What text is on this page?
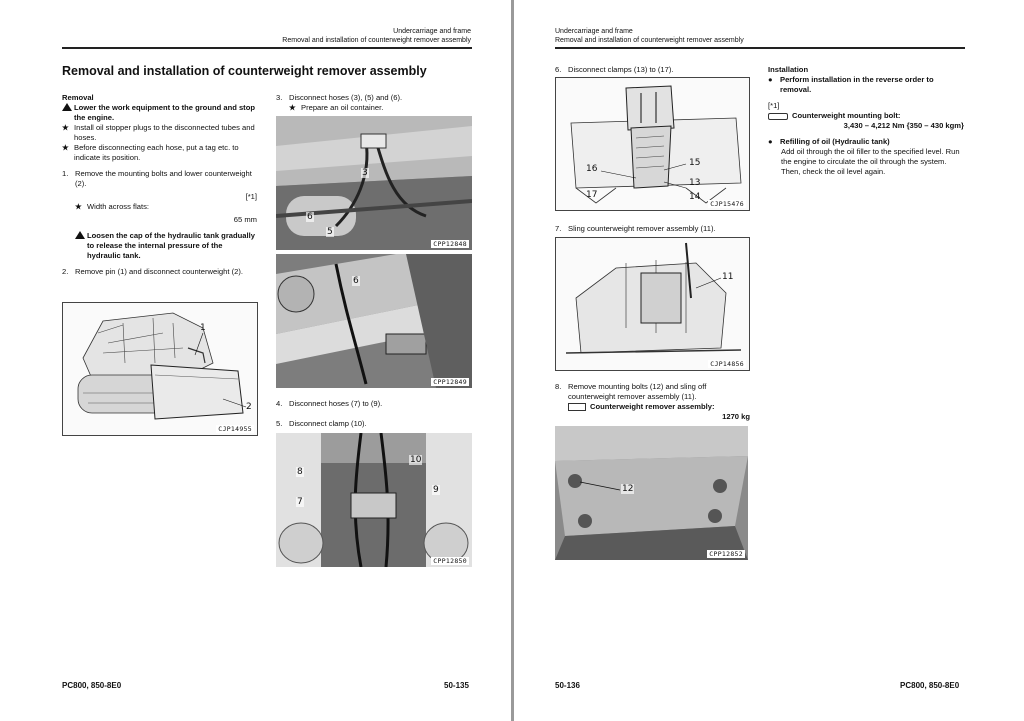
Undercarriage and frame
Removal and installation of counterweight remover assembly
Removal and installation of counterweight remover assembly
Removal
Lower the work equipment to the ground and stop the engine.
★ Install oil stopper plugs to the disconnected tubes and hoses.
★ Before disconnecting each hose, put a tag etc. to indicate its position.
1. Remove the mounting bolts and lower counterweight (2).
[*1]
★ Width across flats:
65 mm
Loosen the cap of the hydraulic tank gradually to release the internal pressure of the hydraulic tank.
2. Remove pin (1) and disconnect counterweight (2).
1
2
CJP14955
3. Disconnect hoses (3), (5) and (6).
★ Prepare an oil container.
3
6
5
CPP12848
6
CPP12849
4. Disconnect hoses (7) to (9).
5. Disconnect clamp (10).
8
7
10
9
CPP12850
PC800, 850-8E0	50-135
Undercarriage and frame
Removal and installation of counterweight remover assembly
6. Disconnect clamps (13) to (17).
16
17
15
13
14
CJP15476
7. Sling counterweight remover assembly (11).
11
CJP14856
8. Remove mounting bolts (12) and sling off counterweight remover assembly (11).
Counterweight remover assembly:
1270 kg
12
CPP12852
Installation
● Perform installation in the reverse order to removal.
[*1]
Counterweight mounting bolt:
3,430 – 4,212 Nm {350 – 430 kgm}
● Refilling of oil (Hydraulic tank)
Add oil through the oil filler to the specified level. Run the engine to circulate the oil through the system. Then, check the oil level again.
50-136	PC800, 850-8E0
